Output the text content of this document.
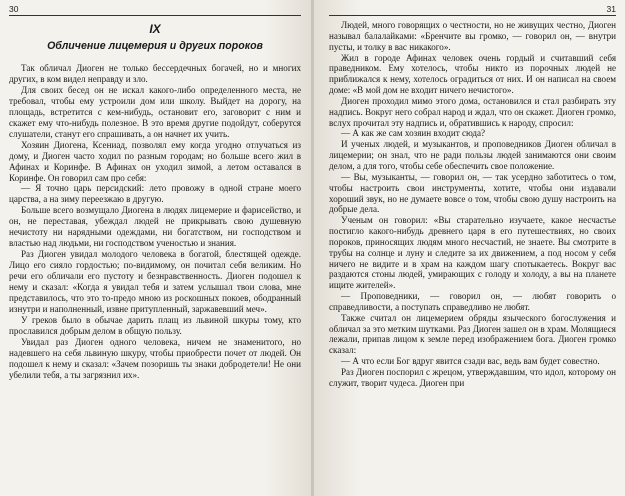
30
IX
Обличение лицемерия и других пороков

Так обличал Диоген не только бессердечных богачей, но и многих других, в ком видел неправду и зло.

Для своих бесед он не искал какого-либо определенного места, не требовал, чтобы ему устроили дом или школу. Выйдет на дорогу, на площадь, встретится с кем-нибудь, остановит его, заговорит с ним и скажет ему что-нибудь полезное. В это время другие подойдут, соберутся слушатели, станут его спрашивать, а он начнет их учить.

Хозяин Диогена, Ксениад, позволял ему когда угодно отлучаться из дому, и Диоген часто ходил по разным городам; но больше всего жил в Афинах и Коринфе. В Афинах он уходил зимой, а летом оставался в Коринфе. Он говорил сам про себя:

— Я точно царь персидский: лето провожу в одной стране моего царства, а на зиму переезжаю в другую.

Больше всего возмущало Диогена в людях лицемерие и фарисейство, и он, не переставая, убеждал людей не прикрывать свою душевную нечистоту ни нарядными одеждами, ни богатством, ни господством и властью над людьми, ни господством ученостью и знания.

Раз Диоген увидал молодого человека в богатой, блестящей одежде. Лицо его сияло гордостью; по-видимому, он почитал себя великим. Но речи его обличали его пустоту и безнравственность. Диоген подошел к нему и сказал: «Когда я увидал тебя и затем услышал твои слова, мне представилось, что это то-предо мною из роскошных покоев, ободранный изнутри и наполненный, извне притупленный, заржавевший меч».

У греков было в обычае дарить плащ из львиной шкуры тому, кто прославился добрым делом в общую пользу.

Увидал раз Диоген одного человека, ничем не знаменитого, но надевшего на себя львиную шкуру, чтобы приобрести почет от людей. Он подошел к нему и сказал: «Зачем позоришь ты знаки добродетели! Не они убелили тебя, а ты загрязнил их».

31

Людей, много говорящих о честности, но не живущих честно, Диоген называл балалайками: «Бренчите вы громко, — говорил он, — внутри пусты, и толку в вас никакого».

Жил в городе Афинах человек очень гордый и считавший себя праведником. Ему хотелось, чтобы никто из порочных людей не приближался к нему, хотелось оградиться от них. И он написал на своем доме: «В мой дом не входит ничего нечистого».

Диоген проходил мимо этого дома, остановился и стал разбирать эту надпись. Вокруг него собрал народ и ждал, что он скажет. Диоген громко, вслух прочитал эту надпись и, обратившись к народу, спросил:

— А как же сам хозяин входит сюда?

И ученых людей, и музыкантов, и проповедников Диоген обличал в лицемерии; он знал, что не ради пользы людей занимаются они своим делом, а для того, чтобы себе обеспечить свое положение.

— Вы, музыканты, — говорил он, — так усердно заботитесь о том, чтобы настроить свои инструменты, хотите, чтобы они издавали хороший звук, но не думаете вовсе о том, чтобы свою душу настроить на добрые дела.

Ученым он говорил: «Вы старательно изучаете, какое несчастье постигло какого-нибудь древнего царя в его путешествиях, но своих пороков, приносящих людям много несчастий, не знаете. Вы смотрите в трубы на солнце и луну и следите за их движением, а под носом у себя ничего не видите и в храм на каждом шагу спотыкаетесь. Вокруг вас раздаются стоны людей, умирающих с голоду и холоду, а вы на планете ищите жителей».

— Проповедники, — говорил он, — любят говорить о справедливости, а поступать справедливо не любят.

Также считал он лицемерием обряды языческого богослужения и обличал за это метким шутками. Раз Диоген зашел он в храм. Молящиеся лежали, припав лицом к земле перед изображением бога. Диоген громко сказал:

— А что если Бог вдруг явится сзади вас, ведь вам будет совестно.

Раз Диоген поспорил с жрецом, утверждавшим, что идол, которому он служит, творит чудеса. Диоген при
